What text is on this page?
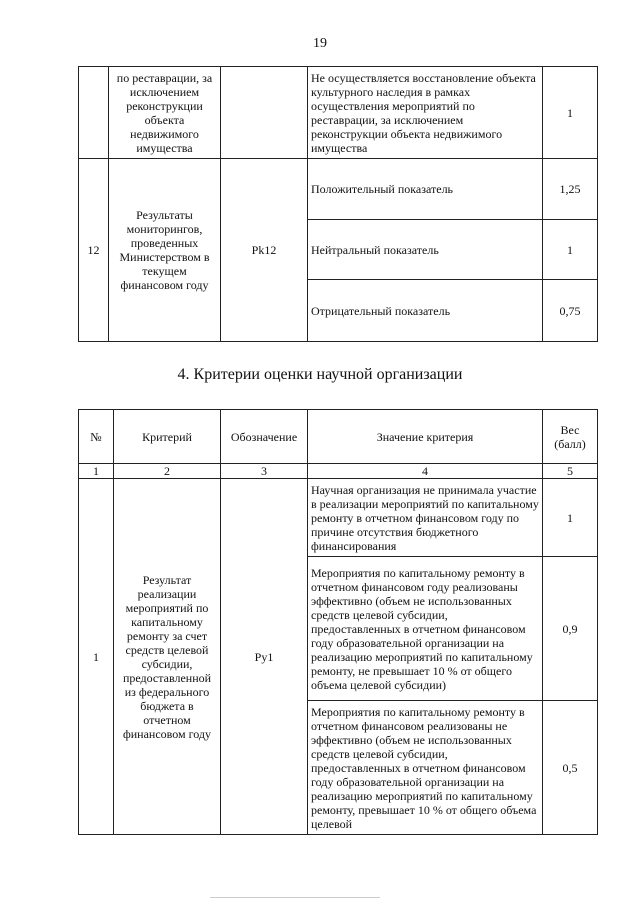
19
	по реставрации, за исключением реконструкции объекта недвижимого имущества		Не осуществляется восстановление объекта культурного наследия в рамках осуществления мероприятий по реставрации, за исключением реконструкции объекта недвижимого имущества	1
12	Результаты мониторингов, проведенных Министерством в текущем финансовом году	Pk12	Положительный показатель	1,25
			Нейтральный показатель	1
			Отрицательный показатель	0,75
4. Критерии оценки научной организации
№	Критерий	Обозначение	Значение критерия	Вес (балл)
1	2	3	4	5
1	Результат реализации мероприятий по капитальному ремонту за счет средств целевой субсидии, предоставленной из федерального бюджета в отчетном финансовом году	Py1	Научная организация не принимала участие в реализации мероприятий по капитальному ремонту в отчетном финансовом году по причине отсутствия бюджетного финансирования	1
			Мероприятия по капитальному ремонту в отчетном финансовом году реализованы эффективно (объем не использованных средств целевой субсидии, предоставленных в отчетном финансовом году образовательной организации на реализацию мероприятий по капитальному ремонту, не превышает 10 % от общего объема целевой субсидии)	0,9
			Мероприятия по капитальному ремонту в отчетном финансовом реализованы не эффективно (объем не использованных средств целевой субсидии, предоставленных в отчетном финансовом году образовательной организации на реализацию мероприятий по капитальному ремонту, превышает 10 % от общего объема целевой	0,5
